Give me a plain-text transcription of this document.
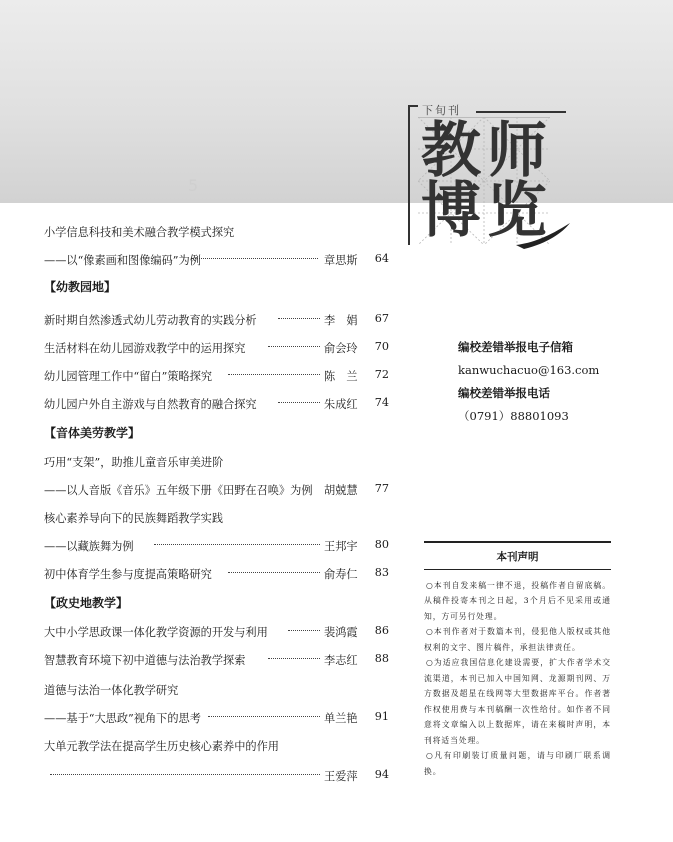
5
下旬刊
教 师
博 览
小学信息科技和美术融合教学模式探究
——以“像素画和图像编码”为例	章思斯 64
【幼教园地】
新时期自然渗透式幼儿劳动教育的实践分析	李　娟 67
生活材料在幼儿园游戏教学中的运用探究	俞会玲 70
幼儿园管理工作中“留白”策略探究	陈　兰 72
幼儿园户外自主游戏与自然教育的融合探究	朱成红 74
【音体美劳教学】
巧用“支架”，助推儿童音乐审美进阶
——以人音版《音乐》五年级下册《田野在召唤》为例 胡兢慧 77
核心素养导向下的民族舞蹈教学实践
——以藏族舞为例	王邦宇 80
初中体育学生参与度提高策略研究	俞寿仁 83
【政史地教学】
大中小学思政课一体化教学资源的开发与利用	裴鸿霞 86
智慧教育环境下初中道德与法治教学探索	李志红 88
道德与法治一体化教学研究
——基于“大思政”视角下的思考	单兰艳 91
大单元教学法在提高学生历史核心素养中的作用
王爱萍 94
编校差错举报电子信箱
kanwuchacuo@163.com
编校差错举报电话
（0791）88801093
本刊声明

○本刊自发来稿一律不退，投稿作者自留底稿。从稿件投寄本刊之日起，3个月后不见采用或通知，方可另行处理。

○本刊作者对于数篇本刊，侵犯他人版权或其他权利的文字、图片稿件，承担法律责任。

○为适应我国信息化建设需要，扩大作者学术交流渠道，本刊已加入中国知网、龙源期刊网、万方数据及超星在线网等大型数据库平台。作者著作权使用费与本刊稿酬一次性给付。如作者不同意将文章编入以上数据库，请在来稿时声明，本刊将适当处理。

○凡有印刷装订质量问题，请与印刷厂联系调换。
